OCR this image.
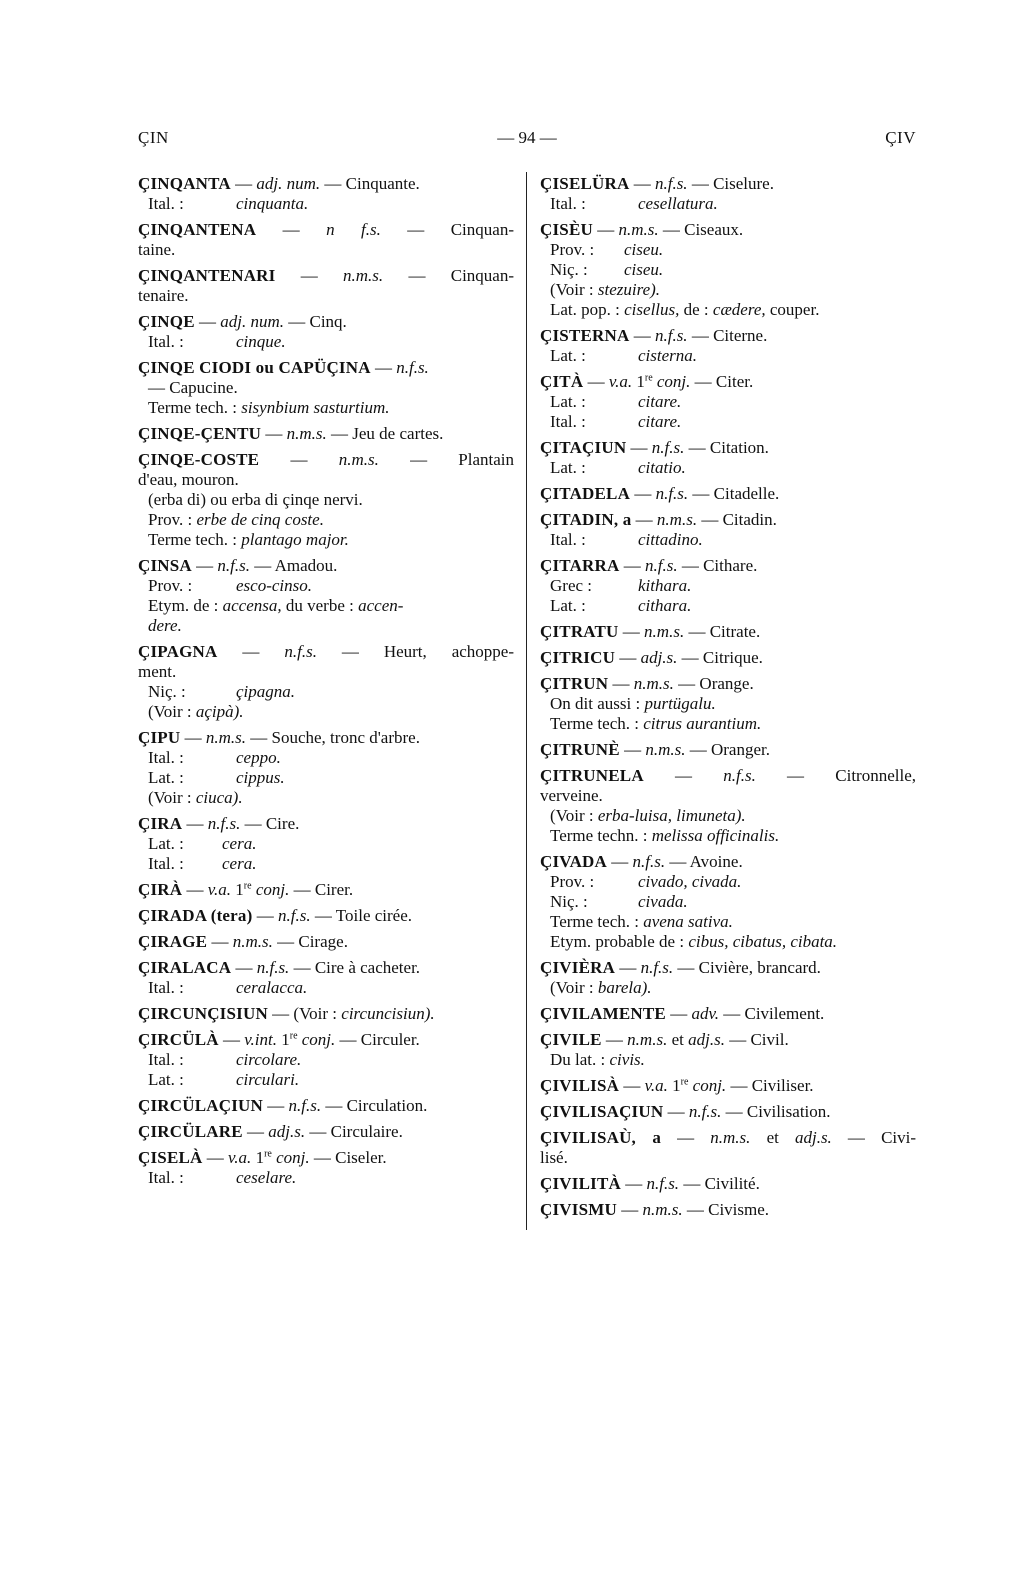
ÇIN	— 94 —	ÇIV
ÇINQANTA — adj. num. — Cinquante.
Ital. :	cinquanta.
ÇINQANTENA — n f.s. — Cinquan-
taine.
ÇINQANTENARI — n.m.s. — Cinquan-
tenaire.
ÇINQE — adj. num. — Cinq.
Ital. :	cinque.
ÇINQE CIODI ou CAPÜÇINA — n.f.s.
— Capucine.
Terme tech. : sisynbium sasturtium.
ÇINQE-ÇENTU — n.m.s. — Jeu de cartes.
ÇINQE-COSTE — n.m.s. — Plantain
d'eau, mouron.
(erba di) ou erba di çinqe nervi.
Prov. : erbe de cinq coste.
Terme tech. : plantago major.
ÇINSA — n.f.s. — Amadou.
Prov. :	esco-cinso.
Etym. de : accensa, du verbe : accen-
dere.
ÇIPAGNA — n.f.s. — Heurt, achoppe-
ment.
Niç. :	çipagna.
(Voir : açipà).
ÇIPU — n.m.s. — Souche, tronc d'arbre.
Ital. :	ceppo.
Lat. :	cippus.
(Voir : ciuca).
ÇIRA — n.f.s. — Cire.
Lat. : cera.
Ital. : cera.
ÇIRÀ — v.a. 1re conj. — Cirer.
ÇIRADA (tera) — n.f.s. — Toile cirée.
ÇIRAGE — n.m.s. — Cirage.
ÇIRALACA — n.f.s. — Cire à cacheter.
Ital. :	ceralacca.
ÇIRCUNÇISIUN — (Voir : circuncisiun).
ÇIRCÜLÀ — v.int. 1re conj. — Circuler.
Ital. :	circolare.
Lat. :	circulari.
ÇIRCÜLAÇIUN — n.f.s. — Circulation.
ÇIRCÜLARE — adj.s. — Circulaire.
ÇISELÀ — v.a. 1re conj. — Ciseler.
Ital. :	ceselare.
ÇISELÜRA — n.f.s. — Ciselure.
Ital. :	cesellatura.
ÇISÈU — n.m.s. — Ciseaux.
Prov. : ciseu.
Niç. : ciseu.
(Voir : stezuire).
Lat. pop. : cisellus, de : cædere, couper.
ÇISTERNA — n.f.s. — Citerne.
Lat. :	cisterna.
ÇITÀ — v.a. 1re conj. — Citer.
Lat. :	citare.
Ital. :	citare.
ÇITAÇIUN — n.f.s. — Citation.
Lat. :	citatio.
ÇITADELA — n.f.s. — Citadelle.
ÇITADIN, a — n.m.s. — Citadin.
Ital. :	cittadino.
ÇITARRA — n.f.s. — Cithare.
Grec :	kithara.
Lat. :	cithara.
ÇITRATU — n.m.s. — Citrate.
ÇITRICU — adj.s. — Citrique.
ÇITRUN — n.m.s. — Orange.
On dit aussi : purtügalu.
Terme tech. : citrus aurantium.
ÇITRUNÈ — n.m.s. — Oranger.
ÇITRUNELA — n.f.s. — Citronnelle,
verveine.
(Voir : erba-luisa, limuneta).
Terme techn. : melissa officinalis.
ÇIVADA — n.f.s. — Avoine.
Prov. :	civado, civada.
Niç. :	civada.
Terme tech. : avena sativa.
Etym. probable de : cibus, cibatus, cibata.
ÇIVIÈRA — n.f.s. — Civière, brancard.
(Voir : barela).
ÇIVILAMENTE — adv. — Civilement.
ÇIVILE — n.m.s. et adj.s. — Civil.
Du lat. : civis.
ÇIVILISÀ — v.a. 1re conj. — Civiliser.
ÇIVILISAÇIUN — n.f.s. — Civilisation.
ÇIVILISAÙ, a — n.m.s. et adj.s. — Civi-
lisé.
ÇIVILITÀ — n.f.s. — Civilité.
ÇIVISMU — n.m.s. — Civisme.
